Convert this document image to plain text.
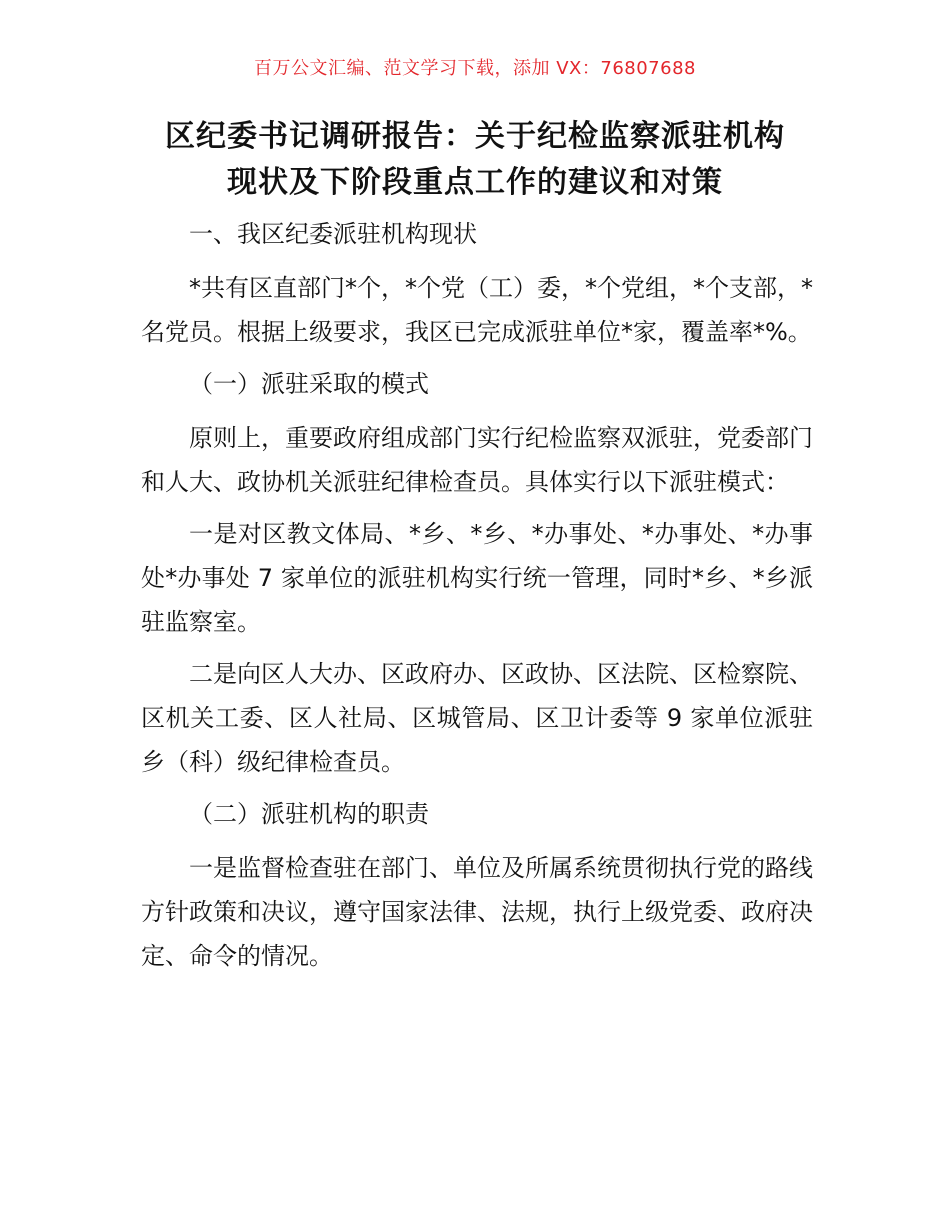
百万公文汇编、范文学习下载，添加 VX：76807688
区纪委书记调研报告：关于纪检监察派驻机构
现状及下阶段重点工作的建议和对策

一、我区纪委派驻机构现状

*共有区直部门*个，*个党（工）委，*个党组，*个支部，*名党员。根据上级要求，我区已完成派驻单位*家，覆盖率*%。

（一）派驻采取的模式

原则上，重要政府组成部门实行纪检监察双派驻，党委部门和人大、政协机关派驻纪律检查员。具体实行以下派驻模式：

一是对区教文体局、*乡、*乡、*办事处、*办事处、*办事处*办事处 7 家单位的派驻机构实行统一管理，同时*乡、*乡派驻监察室。

二是向区人大办、区政府办、区政协、区法院、区检察院、区机关工委、区人社局、区城管局、区卫计委等 9 家单位派驻乡（科）级纪律检查员。

（二）派驻机构的职责

一是监督检查驻在部门、单位及所属系统贯彻执行党的路线方针政策和决议，遵守国家法律、法规，执行上级党委、政府决定、命令的情况。
